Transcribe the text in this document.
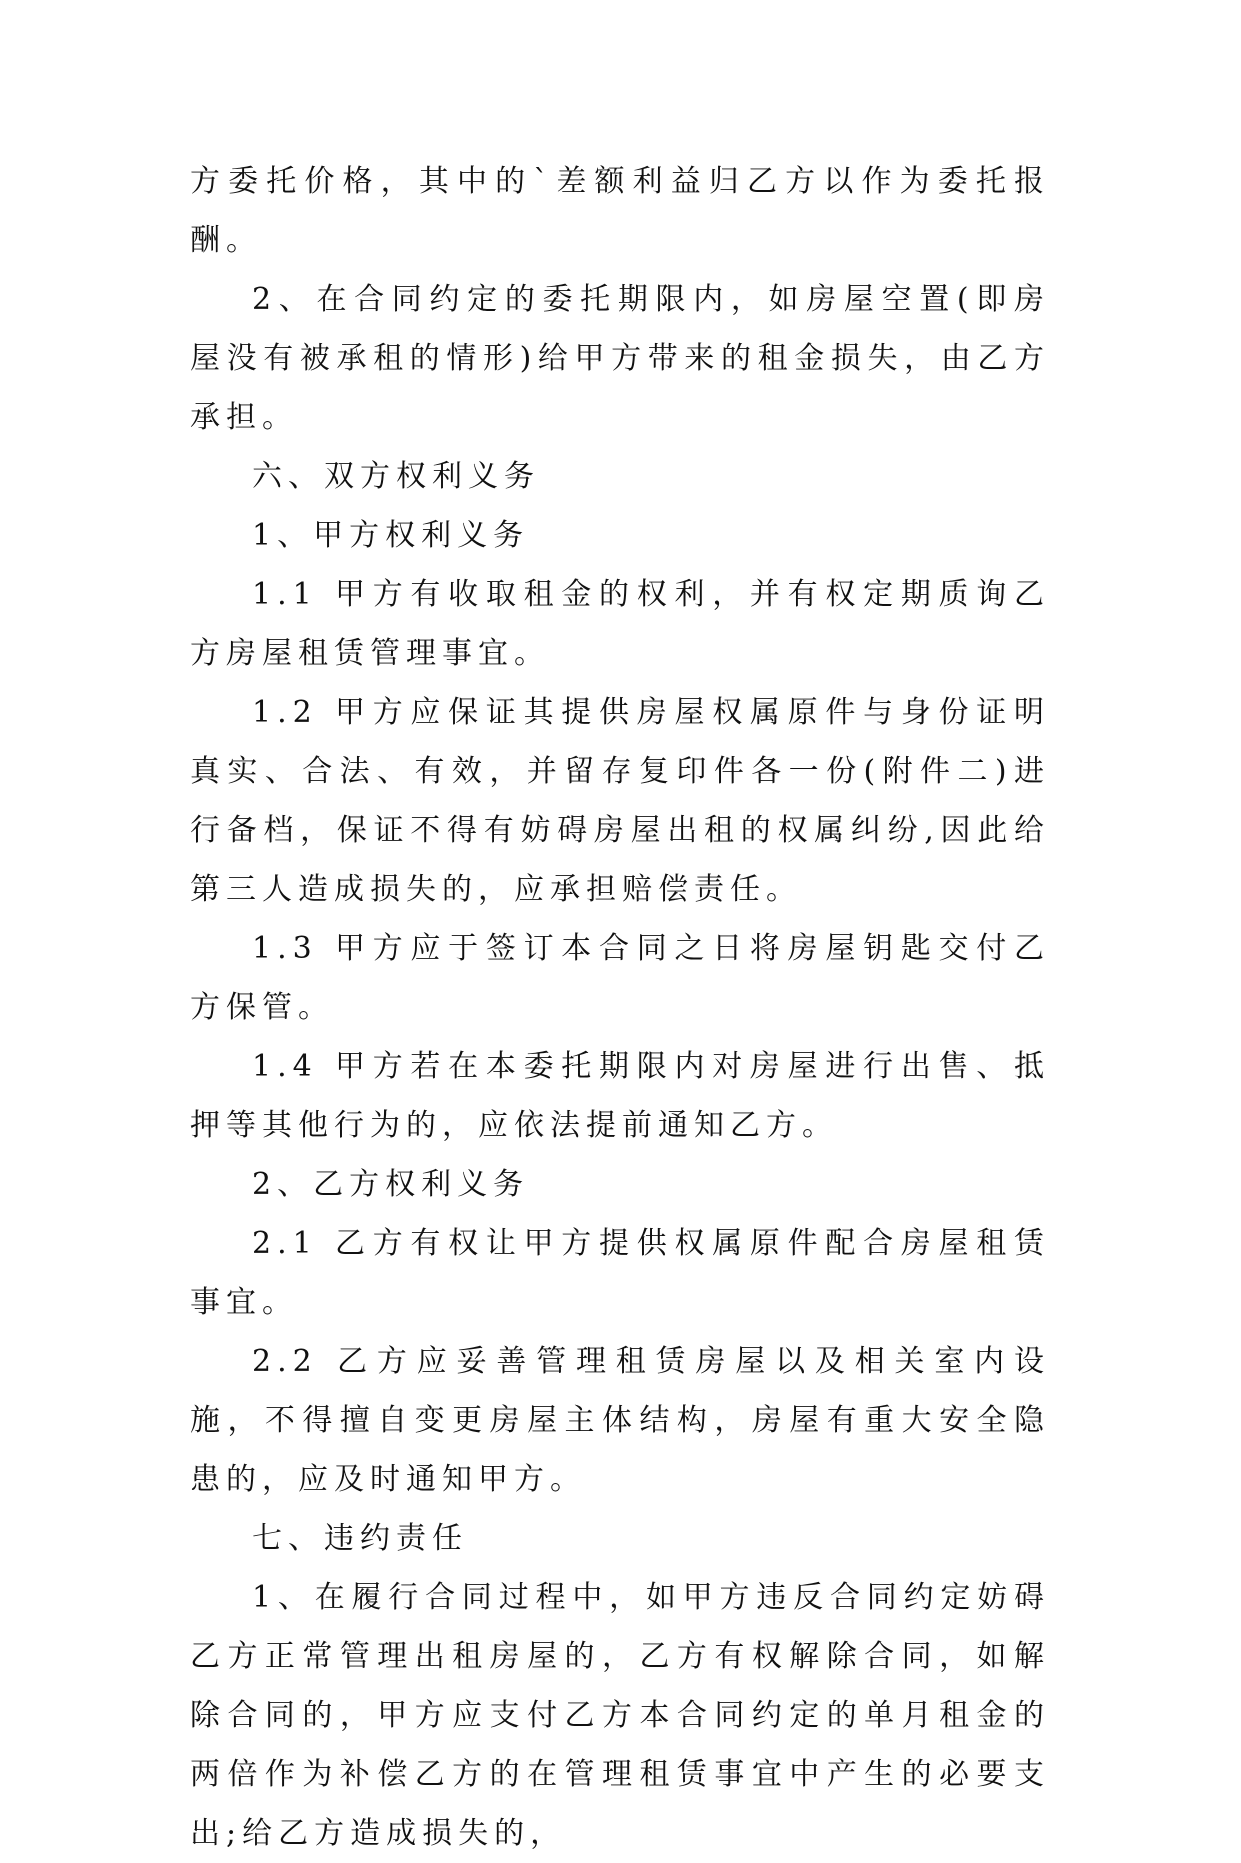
方委托价格，其中的`差额利益归乙方以作为委托报酬。

2、在合同约定的委托期限内，如房屋空置(即房屋没有被承租的情形)给甲方带来的租金损失，由乙方承担。

六、双方权利义务

1、甲方权利义务

1.1 甲方有收取租金的权利，并有权定期质询乙方房屋租赁管理事宜。

1.2 甲方应保证其提供房屋权属原件与身份证明真实、合法、有效，并留存复印件各一份(附件二)进行备档，保证不得有妨碍房屋出租的权属纠纷,因此给第三人造成损失的，应承担赔偿责任。

1.3 甲方应于签订本合同之日将房屋钥匙交付乙方保管。

1.4 甲方若在本委托期限内对房屋进行出售、抵押等其他行为的，应依法提前通知乙方。

2、乙方权利义务

2.1 乙方有权让甲方提供权属原件配合房屋租赁事宜。

2.2 乙方应妥善管理租赁房屋以及相关室内设施，不得擅自变更房屋主体结构，房屋有重大安全隐患的，应及时通知甲方。

七、违约责任

1、在履行合同过程中，如甲方违反合同约定妨碍乙方正常管理出租房屋的，乙方有权解除合同，如解除合同的，甲方应支付乙方本合同约定的单月租金的两倍作为补偿乙方的在管理租赁事宜中产生的必要支出;给乙方造成损失的，
